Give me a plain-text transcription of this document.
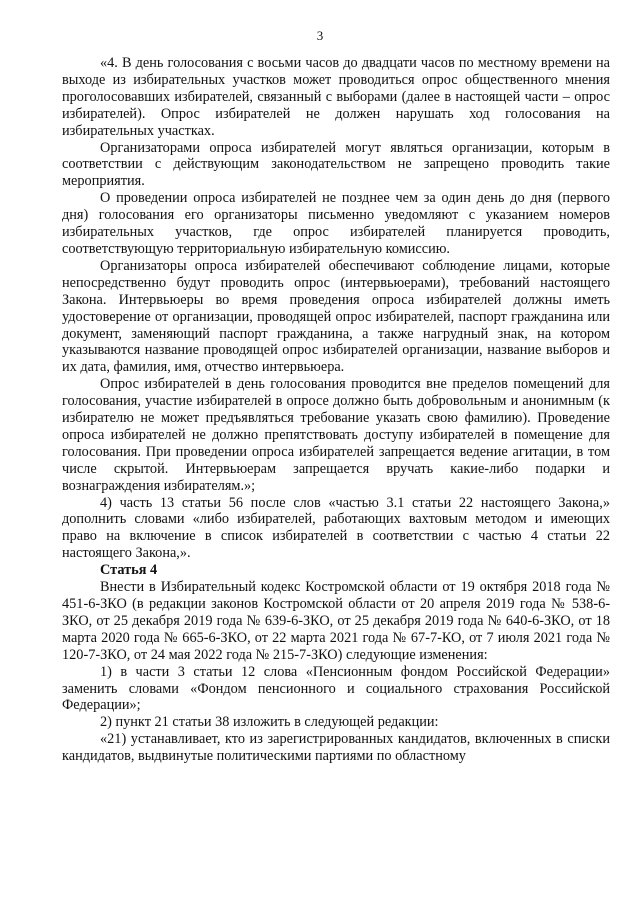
3

«4. В день голосования с восьми часов до двадцати часов по местному времени на выходе из избирательных участков может проводиться опрос общественного мнения проголосовавших избирателей, связанный с выборами (далее в настоящей части – опрос избирателей). Опрос избирателей не должен нарушать ход голосования на избирательных участках.

Организаторами опроса избирателей могут являться организации, которым в соответствии с действующим законодательством не запрещено проводить такие мероприятия.

О проведении опроса избирателей не позднее чем за один день до дня (первого дня) голосования его организаторы письменно уведомляют с указанием номеров избирательных участков, где опрос избирателей планируется проводить, соответствующую территориальную избирательную комиссию.

Организаторы опроса избирателей обеспечивают соблюдение лицами, которые непосредственно будут проводить опрос (интервьюерами), требований настоящего Закона. Интервьюеры во время проведения опроса избирателей должны иметь удостоверение от организации, проводящей опрос избирателей, паспорт гражданина или документ, заменяющий паспорт гражданина, а также нагрудный знак, на котором указываются название проводящей опрос избирателей организации, название выборов и их дата, фамилия, имя, отчество интервьюера.

Опрос избирателей в день голосования проводится вне пределов помещений для голосования, участие избирателей в опросе должно быть добровольным и анонимным (к избирателю не может предъявляться требование указать свою фамилию). Проведение опроса избирателей не должно препятствовать доступу избирателей в помещение для голосования. При проведении опроса избирателей запрещается ведение агитации, в том числе скрытой. Интервьюерам запрещается вручать какие-либо подарки и вознаграждения избирателям.»;

4) часть 13 статьи 56 после слов «частью 3.1 статьи 22 настоящего Закона,» дополнить словами «либо избирателей, работающих вахтовым методом и имеющих право на включение в список избирателей в соответствии с частью 4 статьи 22 настоящего Закона,».

Статья 4

Внести в Избирательный кодекс Костромской области от 19 октября 2018 года № 451-6-ЗКО (в редакции законов Костромской области от 20 апреля 2019 года № 538-6-ЗКО, от 25 декабря 2019 года № 639-6-ЗКО, от 25 декабря 2019 года № 640-6-ЗКО, от 18 марта 2020 года № 665-6-ЗКО, от 22 марта 2021 года № 67-7-КО, от 7 июля 2021 года № 120-7-ЗКО, от 24 мая 2022 года № 215-7-ЗКО) следующие изменения:

1) в части 3 статьи 12 слова «Пенсионным фондом Российской Федерации» заменить словами «Фондом пенсионного и социального страхования Российской Федерации»;

2) пункт 21 статьи 38 изложить в следующей редакции:

«21) устанавливает, кто из зарегистрированных кандидатов, включенных в списки кандидатов, выдвинутые политическими партиями по областному
